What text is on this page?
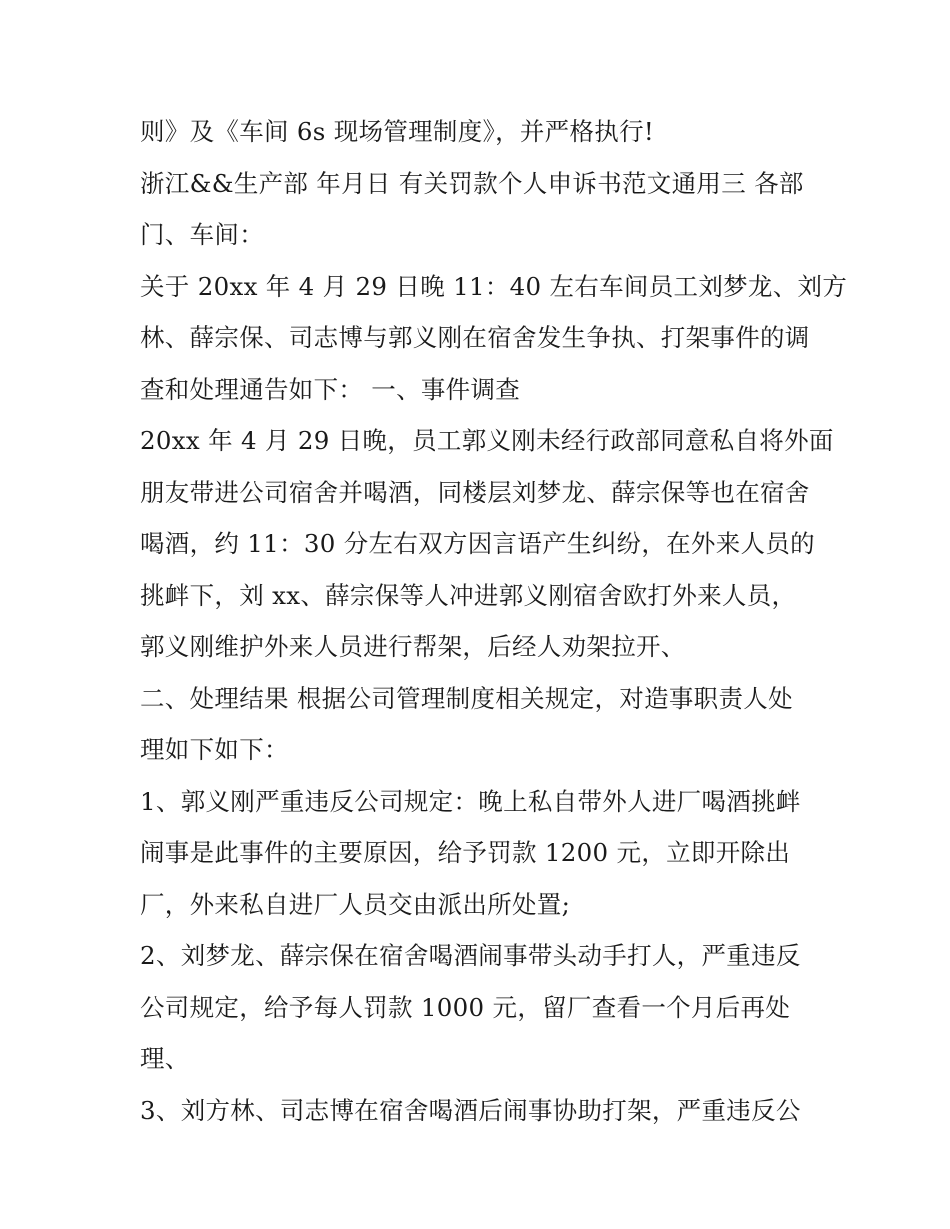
则》及《车间 6s 现场管理制度》，并严格执行!
浙江&&生产部 年月日 有关罚款个人申诉书范文通用三 各部
门、车间：
关于 20xx 年 4 月 29 日晚 11：40 左右车间员工刘梦龙、刘方
林、薛宗保、司志博与郭义刚在宿舍发生争执、打架事件的调
查和处理通告如下： 一、事件调查
20xx 年 4 月 29 日晚，员工郭义刚未经行政部同意私自将外面
朋友带进公司宿舍并喝酒，同楼层刘梦龙、薛宗保等也在宿舍
喝酒，约 11：30 分左右双方因言语产生纠纷，在外来人员的
挑衅下，刘 xx、薛宗保等人冲进郭义刚宿舍欧打外来人员，
郭义刚维护外来人员进行帮架，后经人劝架拉开、
二、处理结果 根据公司管理制度相关规定，对造事职责人处
理如下如下：
1、郭义刚严重违反公司规定：晚上私自带外人进厂喝酒挑衅
闹事是此事件的主要原因，给予罚款 1200 元，立即开除出
厂，外来私自进厂人员交由派出所处置;
2、刘梦龙、薛宗保在宿舍喝酒闹事带头动手打人，严重违反
公司规定，给予每人罚款 1000 元，留厂查看一个月后再处
理、
3、刘方林、司志博在宿舍喝酒后闹事协助打架，严重违反公
